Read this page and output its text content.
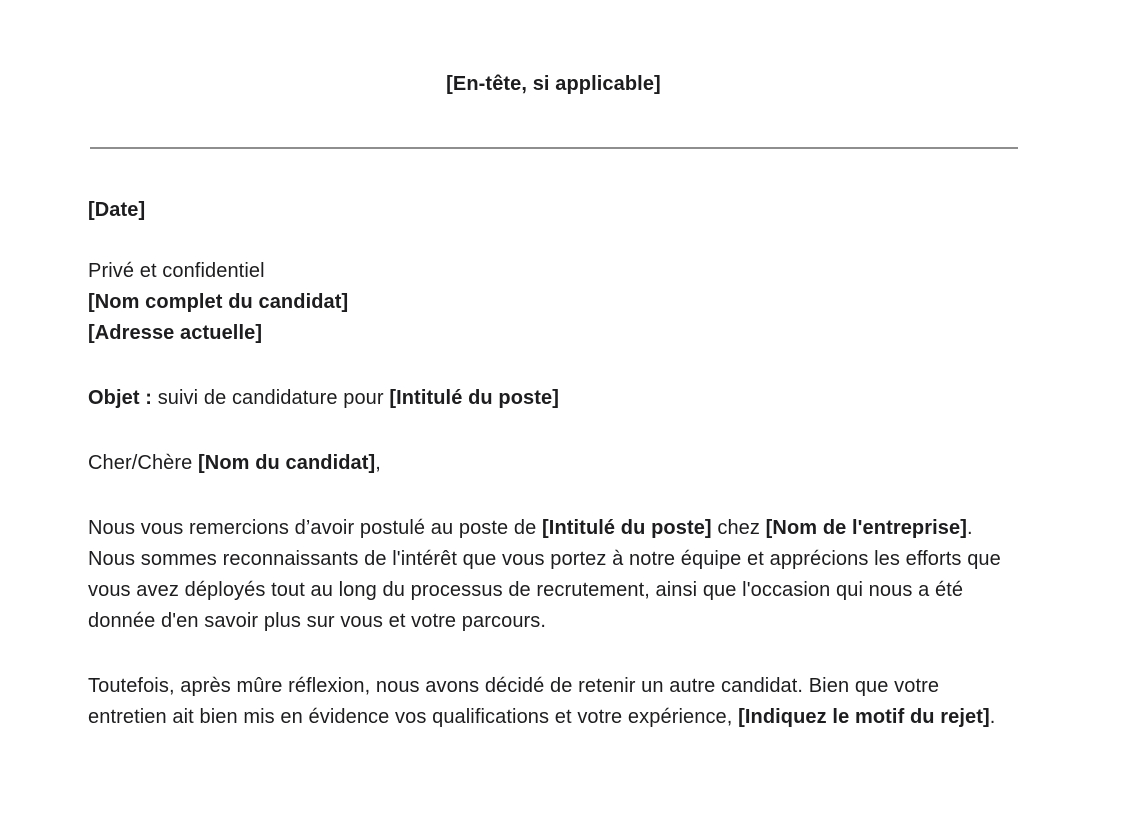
[En-tête, si applicable]
[Date]
Privé et confidentiel
[Nom complet du candidat]
[Adresse actuelle]
Objet : suivi de candidature pour [Intitulé du poste]
Cher/Chère [Nom du candidat],

Nous vous remercions d’avoir postulé au poste de [Intitulé du poste] chez [Nom de l'entreprise]. Nous sommes reconnaissants de l'intérêt que vous portez à notre équipe et apprécions les efforts que vous avez déployés tout au long du processus de recrutement, ainsi que l'occasion qui nous a été donnée d'en savoir plus sur vous et votre parcours.

Toutefois, après mûre réflexion, nous avons décidé de retenir un autre candidat. Bien que votre entretien ait bien mis en évidence vos qualifications et votre expérience, [Indiquez le motif du rejet].
